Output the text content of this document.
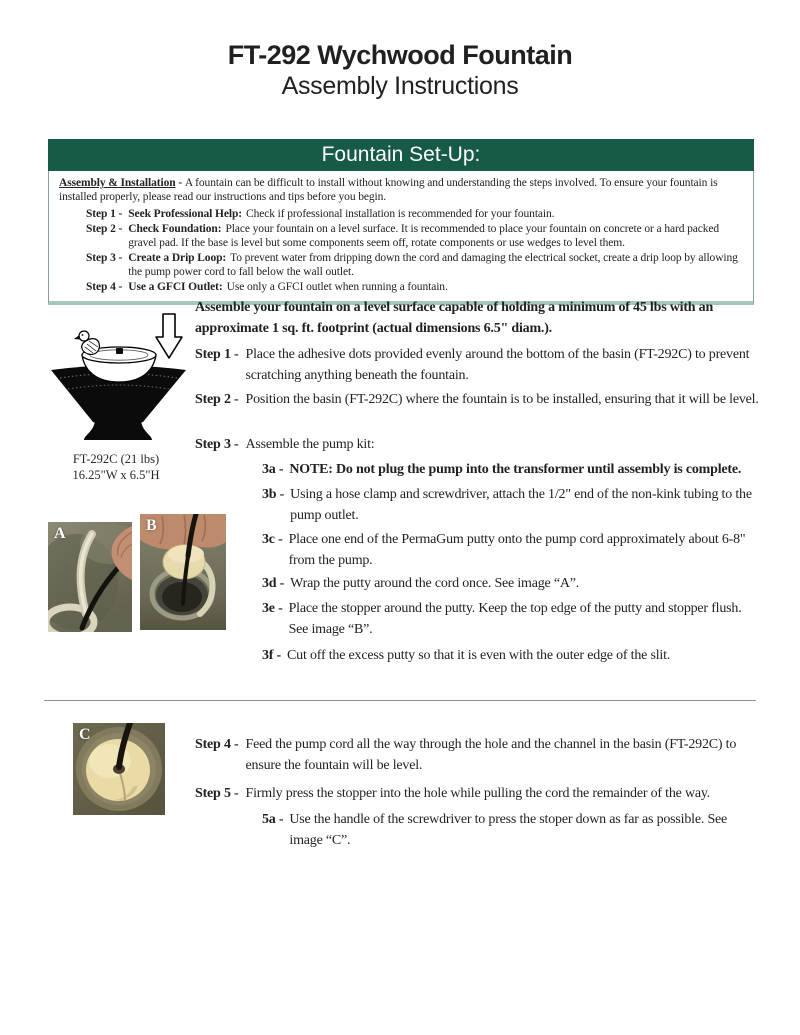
FT-292 Wychwood Fountain
Assembly Instructions
Fountain Set-Up:
Assembly & Installation - A fountain can be difficult to install without knowing and understanding the steps involved. To ensure your fountain is installed properly, please read our instructions and tips before you begin.
Step 1 - Seek Professional Help: Check if professional installation is recommended for your fountain.
Step 2 - Check Foundation: Place your fountain on a level surface. It is recommended to place your fountain on concrete or a hard packed gravel pad. If the base is level but some components seem off, rotate components or use wedges to level them.
Step 3 - Create a Drip Loop: To prevent water from dripping down the cord and damaging the electrical socket, create a drip loop by allowing the pump power cord to fall below the wall outlet.
Step 4 - Use a GFCI Outlet: Use only a GFCI outlet when running a fountain.
FT-292C (21 lbs)
16.25"W x 6.5"H
Assemble your fountain on a level surface capable of holding a minimum of 45 lbs with an approximate 1 sq. ft. footprint (actual dimensions 6.5" diam.).
Step 1 - Place the adhesive dots provided evenly around the bottom of the basin (FT-292C) to prevent scratching anything beneath the fountain.
Step 2 - Position the basin (FT-292C) where the fountain is to be installed, ensuring that it will be level.
Step 3 - Assemble the pump kit:
3a - NOTE: Do not plug the pump into the transformer until assembly is complete.
3b - Using a hose clamp and screwdriver, attach the 1/2" end of the non-kink tubing to the pump outlet.
3c - Place one end of the PermaGum putty onto the pump cord approximately about 6-8" from the pump.
3d - Wrap the putty around the cord once. See image “A”.
3e - Place the stopper around the putty. Keep the top edge of the putty and stopper flush. See image “B”.
3f - Cut off the excess putty so that it is even with the outer edge of the slit.
A	B
C
Step 4 - Feed the pump cord all the way through the hole and the channel in the basin (FT-292C) to ensure the fountain will be level.
Step 5 - Firmly press the stopper into the hole while pulling the cord the remainder of the way.
5a - Use the handle of the screwdriver to press the stoper down as far as possible. See image “C”.
